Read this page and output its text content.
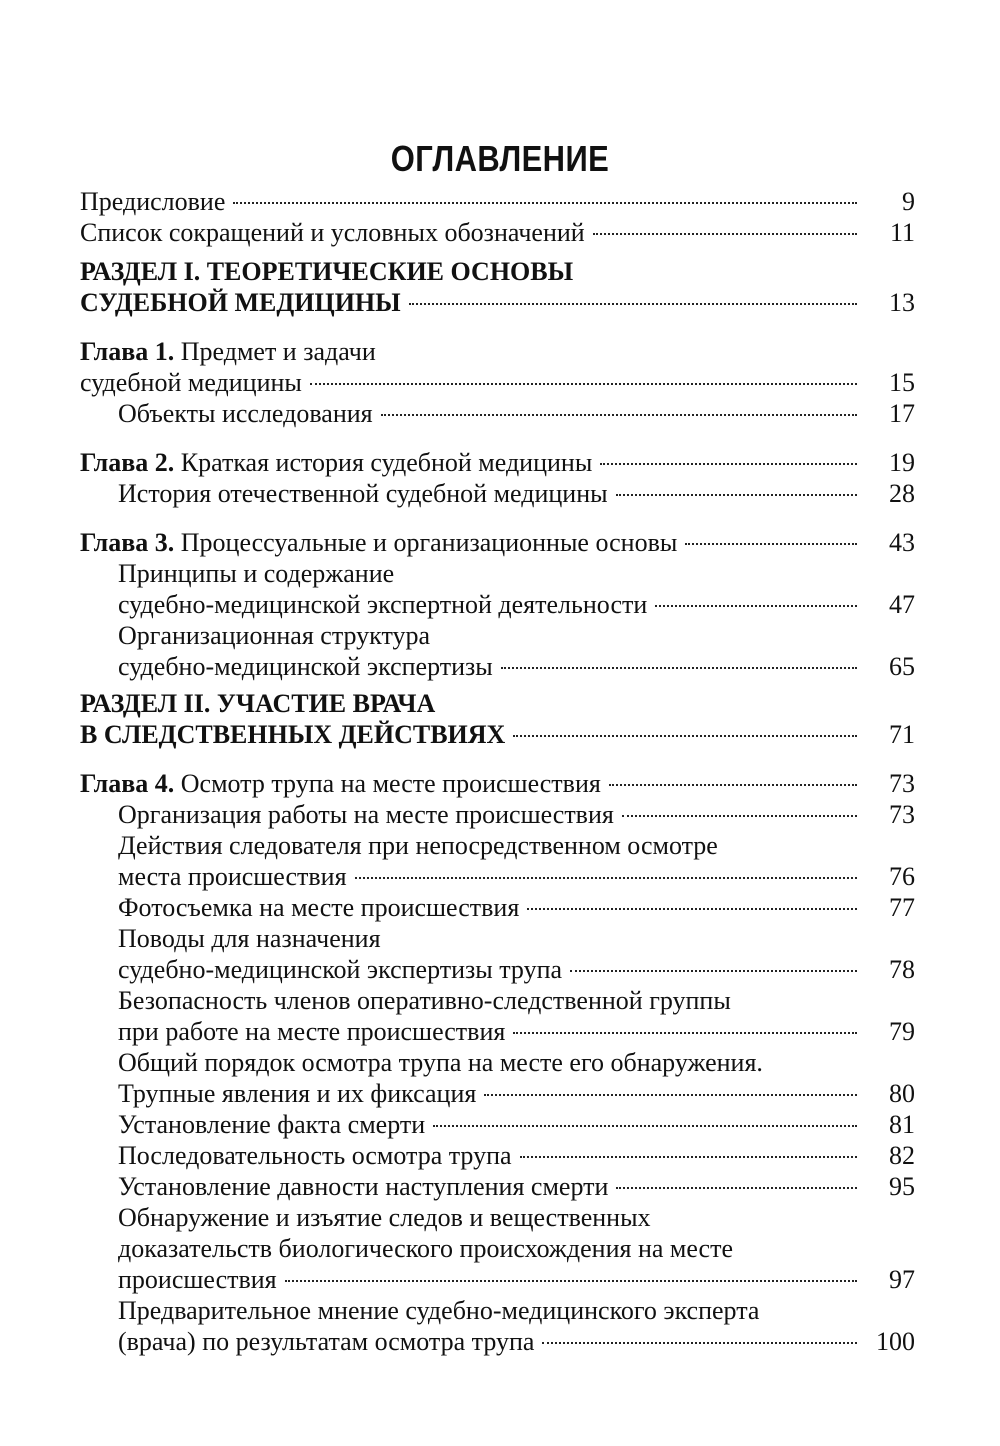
ОГЛАВЛЕНИЕ
Предисловие	9
Список сокращений и условных обозначений	11
РАЗДЕЛ I. ТЕОРЕТИЧЕСКИЕ ОСНОВЫ
СУДЕБНОЙ МЕДИЦИНЫ	13
Глава 1. Предмет и задачи
судебной медицины	15
Объекты исследования	17
Глава 2. Краткая история судебной медицины	19
История отечественной судебной медицины	28
Глава 3. Процессуальные и организационные основы	43
Принципы и содержание
судебно-медицинской экспертной деятельности	47
Организационная структура
судебно-медицинской экспертизы	65
РАЗДЕЛ II. УЧАСТИЕ ВРАЧА
В СЛЕДСТВЕННЫХ ДЕЙСТВИЯХ	71
Глава 4. Осмотр трупа на месте происшествия	73
Организация работы на месте происшествия	73
Действия следователя при непосредственном осмотре
места происшествия	76
Фотосъемка на месте происшествия	77
Поводы для назначения
судебно-медицинской экспертизы трупа	78
Безопасность членов оперативно-следственной группы
при работе на месте происшествия	79
Общий порядок осмотра трупа на месте его обнаружения.
Трупные явления и их фиксация	80
Установление факта смерти	81
Последовательность осмотра трупа	82
Установление давности наступления смерти	95
Обнаружение и изъятие следов и вещественных
доказательств биологического происхождения на месте
происшествия	97
Предварительное мнение судебно-медицинского эксперта
(врача) по результатам осмотра трупа	100
